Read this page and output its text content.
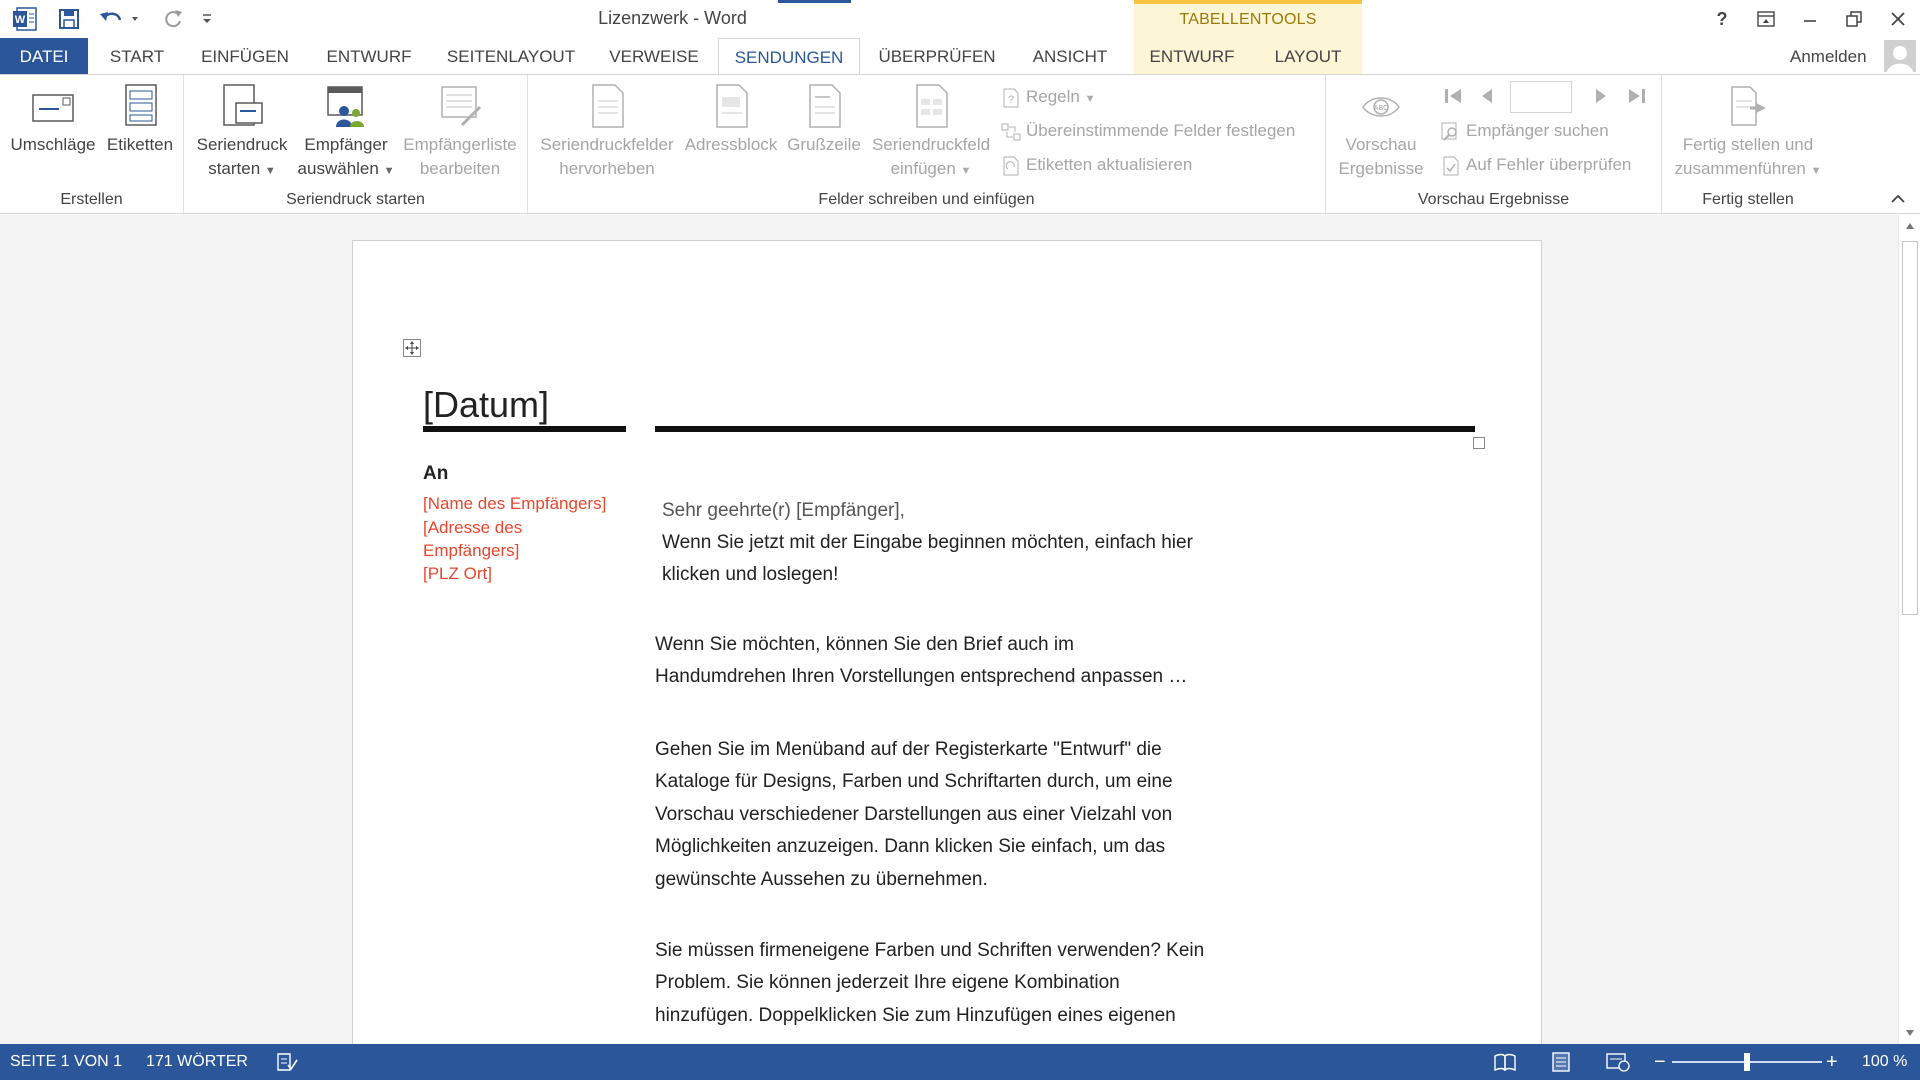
W	Lizenzwerk - Word	TABELLENTOOLS	?
DATEI	START	EINFÜGEN	ENTWURF	SEITENLAYOUT	VERWEISE	SENDUNGEN	ÜBERPRÜFEN	ANSICHT	ENTWURF	LAYOUT	Anmelden
Umschläge Etiketten
Erstellen
Seriendruck
starten ▼
Empfänger
auswählen ▼
Empfängerliste
bearbeiten
Seriendruck starten
Seriendruckfelder
hervorheben
Adressblock Grußzeile Seriendruckfeld
einfügen ▼
? Regeln ▼
Übereinstimmende Felder festlegen
Etiketten aktualisieren
Felder schreiben und einfügen
ABC
Vorschau
Ergebnisse
Empfänger suchen
Auf Fehler überprüfen
Vorschau Ergebnisse
Fertig stellen und
zusammenführen ▼
Fertig stellen
[Datum]
An
[Name des Empfängers]
[Adresse des
Empfängers]
[PLZ Ort]
Sehr geehrte(r) [Empfänger],
Wenn Sie jetzt mit der Eingabe beginnen möchten, einfach hier
klicken und loslegen!
Wenn Sie möchten, können Sie den Brief auch im
Handumdrehen Ihren Vorstellungen entsprechend anpassen …
Gehen Sie im Menüband auf der Registerkarte "Entwurf" die
Kataloge für Designs, Farben und Schriftarten durch, um eine
Vorschau verschiedener Darstellungen aus einer Vielzahl von
Möglichkeiten anzuzeigen. Dann klicken Sie einfach, um das
gewünschte Aussehen zu übernehmen.
Sie müssen firmeneigene Farben und Schriften verwenden? Kein
Problem. Sie können jederzeit Ihre eigene Kombination
hinzufügen. Doppelklicken Sie zum Hinzufügen eines eigenen
SEITE 1 VON 1 171 WÖRTER	−	+ 100 %
